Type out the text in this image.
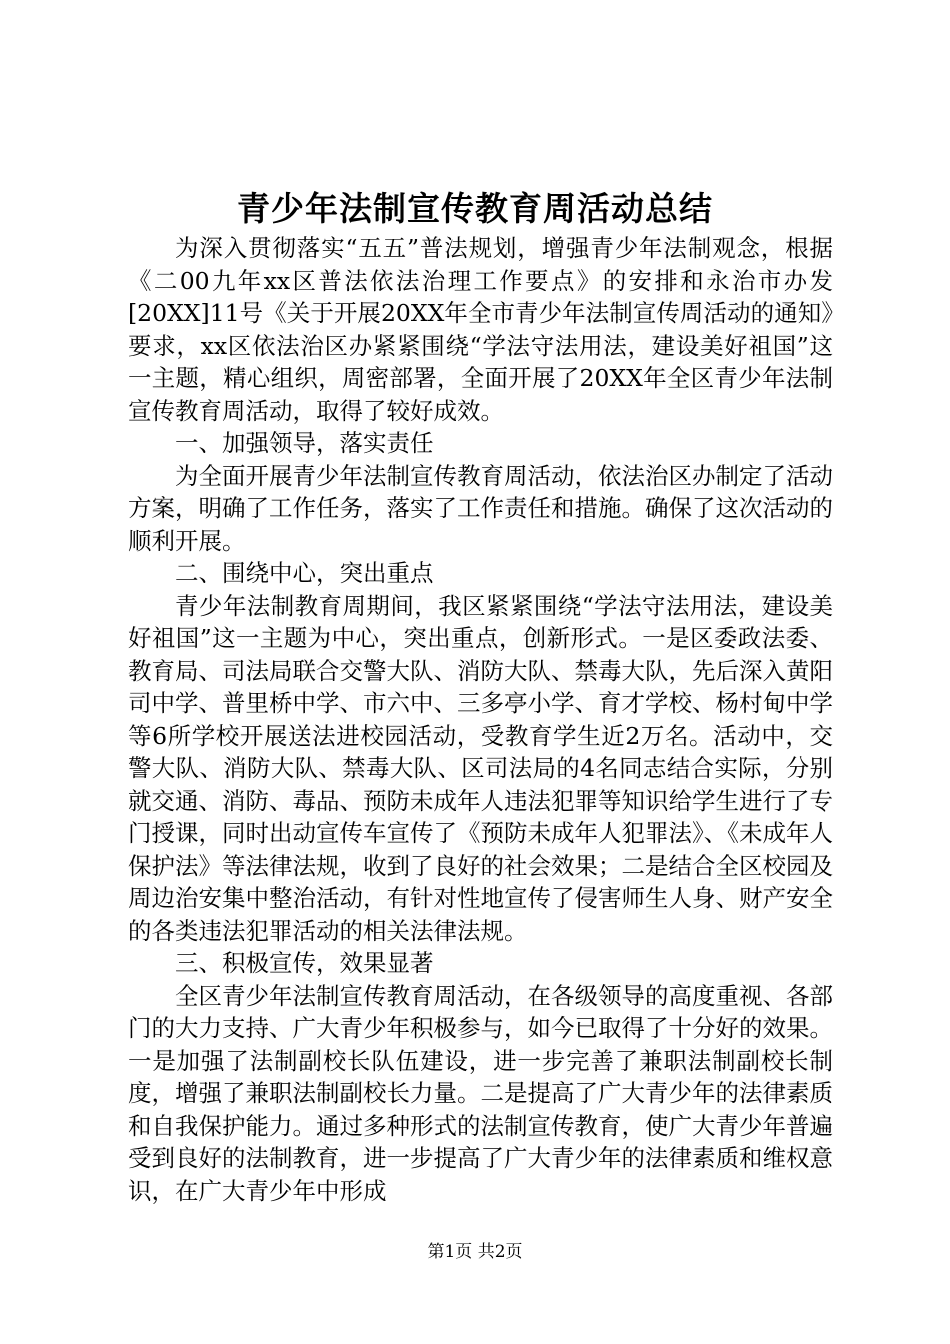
青少年法制宣传教育周活动总结

为深入贯彻落实“五五”普法规划，增强青少年法制观念，根据《二00九年xx区普法依法治理工作要点》的安排和永治市办发[20XX]11号《关于开展20XX年全市青少年法制宣传周活动的通知》要求，xx区依法治区办紧紧围绕“学法守法用法，建设美好祖国”这一主题，精心组织，周密部署，全面开展了20XX年全区青少年法制宣传教育周活动，取得了较好成效。

一、加强领导，落实责任

为全面开展青少年法制宣传教育周活动，依法治区办制定了活动方案，明确了工作任务，落实了工作责任和措施。确保了这次活动的顺利开展。

二、围绕中心，突出重点

青少年法制教育周期间，我区紧紧围绕“学法守法用法，建设美好祖国”这一主题为中心，突出重点，创新形式。一是区委政法委、教育局、司法局联合交警大队、消防大队、禁毒大队，先后深入黄阳司中学、普里桥中学、市六中、三多亭小学、育才学校、杨村甸中学等6所学校开展送法进校园活动，受教育学生近2万名。活动中，交警大队、消防大队、禁毒大队、区司法局的4名同志结合实际，分别就交通、消防、毒品、预防未成年人违法犯罪等知识给学生进行了专门授课，同时出动宣传车宣传了《预防未成年人犯罪法》、《未成年人保护法》等法律法规，收到了良好的社会效果；二是结合全区校园及周边治安集中整治活动，有针对性地宣传了侵害师生人身、财产安全的各类违法犯罪活动的相关法律法规。

三、积极宣传，效果显著

全区青少年法制宣传教育周活动，在各级领导的高度重视、各部门的大力支持、广大青少年积极参与，如今已取得了十分好的效果。一是加强了法制副校长队伍建设，进一步完善了兼职法制副校长制度，增强了兼职法制副校长力量。二是提高了广大青少年的法律素质和自我保护能力。通过多种形式的法制宣传教育，使广大青少年普遍受到良好的法制教育，进一步提高了广大青少年的法律素质和维权意识，在广大青少年中形成

第1页 共2页
